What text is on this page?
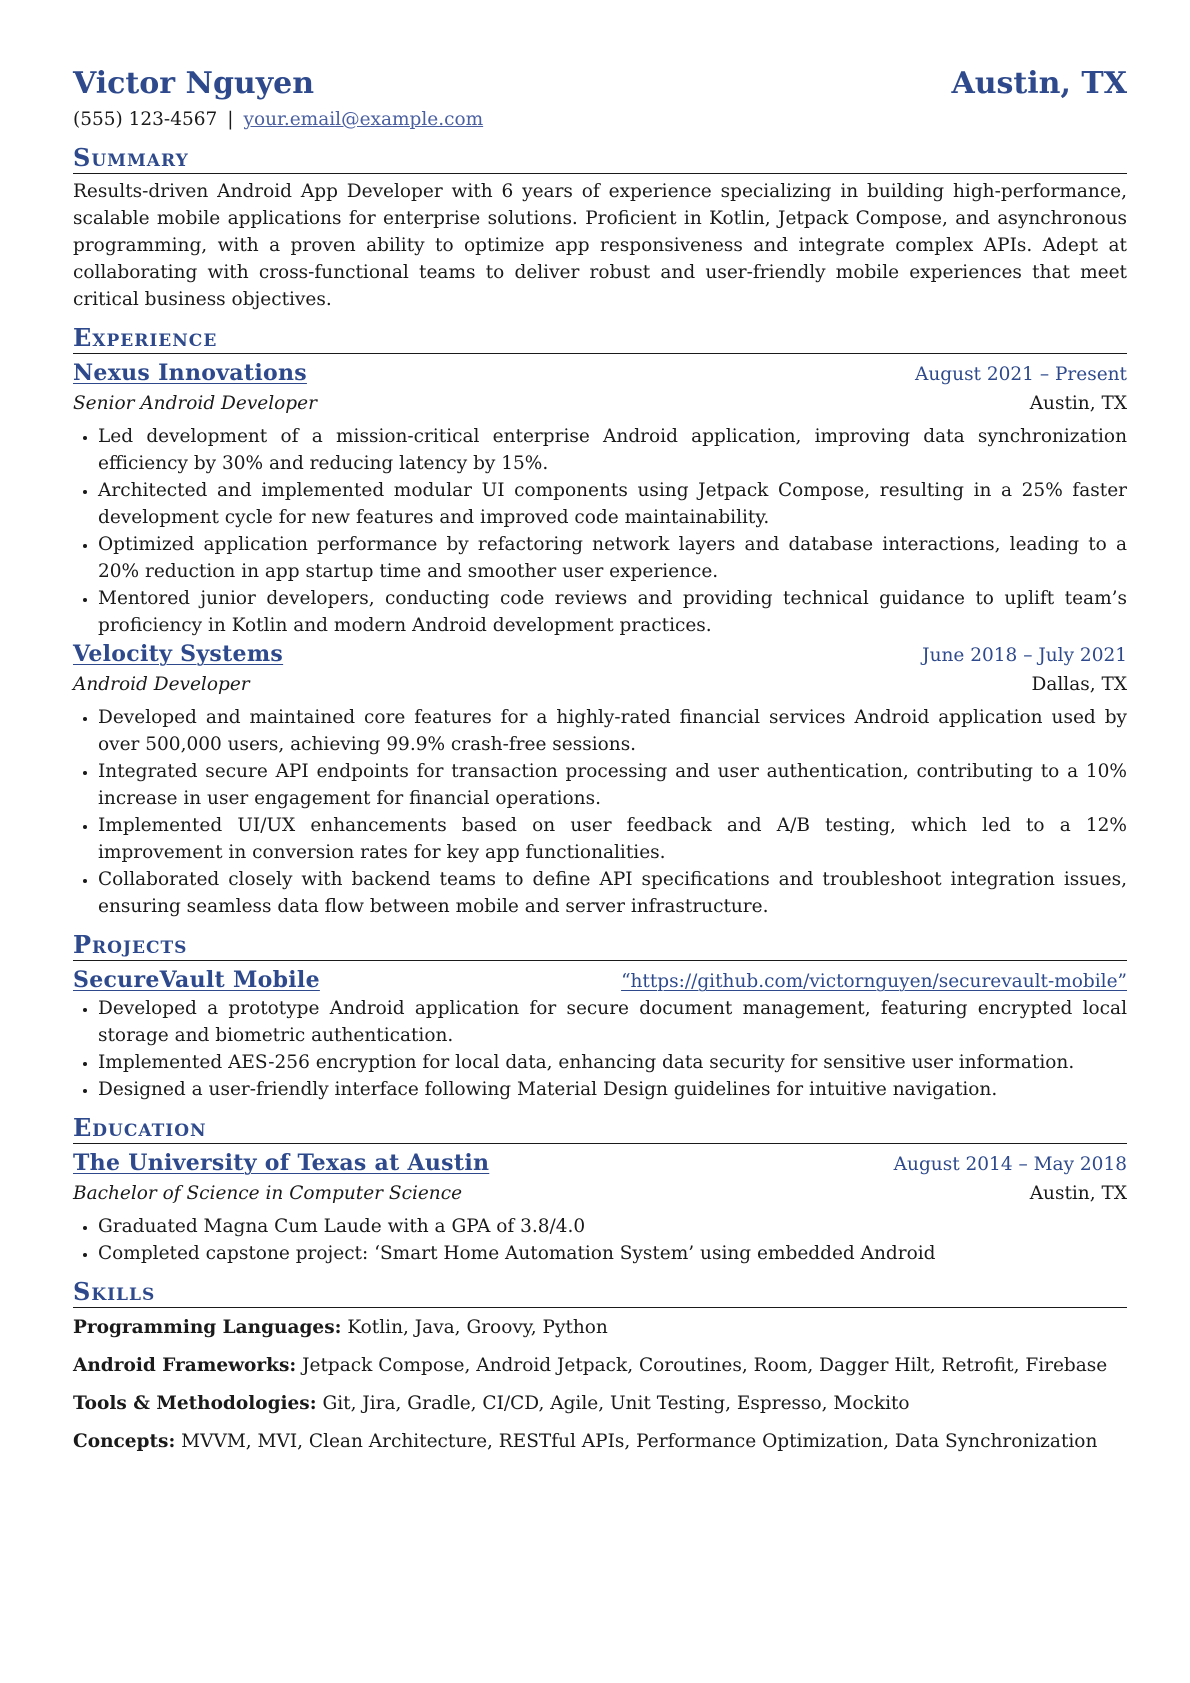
Victor Nguyen	Austin, TX
(555) 123-4567 | your.email@example.com
Summary
Results-driven Android App Developer with 6 years of experience specializing in building high-performance, scalable mobile applications for enterprise solutions. Proficient in Kotlin, Jetpack Compose, and asynchronous programming, with a proven ability to optimize app responsiveness and integrate complex APIs. Adept at collaborating with cross-functional teams to deliver robust and user-friendly mobile experiences that meet critical business objectives.
Experience
Nexus Innovations	August 2021 – Present
Senior Android Developer	Austin, TX
• Led development of a mission-critical enterprise Android application, improving data synchronization efficiency by 30% and reducing latency by 15%.
• Architected and implemented modular UI components using Jetpack Compose, resulting in a 25% faster development cycle for new features and improved code maintainability.
• Optimized application performance by refactoring network layers and database interactions, leading to a 20% reduction in app startup time and smoother user experience.
• Mentored junior developers, conducting code reviews and providing technical guidance to uplift team’s proficiency in Kotlin and modern Android development practices.
Velocity Systems	June 2018 – July 2021
Android Developer	Dallas, TX
• Developed and maintained core features for a highly-rated financial services Android application used by over 500,000 users, achieving 99.9% crash-free sessions.
• Integrated secure API endpoints for transaction processing and user authentication, contributing to a 10% increase in user engagement for financial operations.
• Implemented UI/UX enhancements based on user feedback and A/B testing, which led to a 12% improvement in conversion rates for key app functionalities.
• Collaborated closely with backend teams to define API specifications and troubleshoot integration issues, ensuring seamless data flow between mobile and server infrastructure.
Projects
SecureVault Mobile	“https://github.com/victornguyen/securevault-mobile”
• Developed a prototype Android application for secure document management, featuring encrypted local storage and biometric authentication.
• Implemented AES-256 encryption for local data, enhancing data security for sensitive user information.
• Designed a user-friendly interface following Material Design guidelines for intuitive navigation.
Education
The University of Texas at Austin	August 2014 – May 2018
Bachelor of Science in Computer Science	Austin, TX
• Graduated Magna Cum Laude with a GPA of 3.8/4.0
• Completed capstone project: ‘Smart Home Automation System’ using embedded Android
Skills
Programming Languages: Kotlin, Java, Groovy, Python
Android Frameworks: Jetpack Compose, Android Jetpack, Coroutines, Room, Dagger Hilt, Retrofit, Firebase
Tools & Methodologies: Git, Jira, Gradle, CI/CD, Agile, Unit Testing, Espresso, Mockito
Concepts: MVVM, MVI, Clean Architecture, RESTful APIs, Performance Optimization, Data Synchronization
